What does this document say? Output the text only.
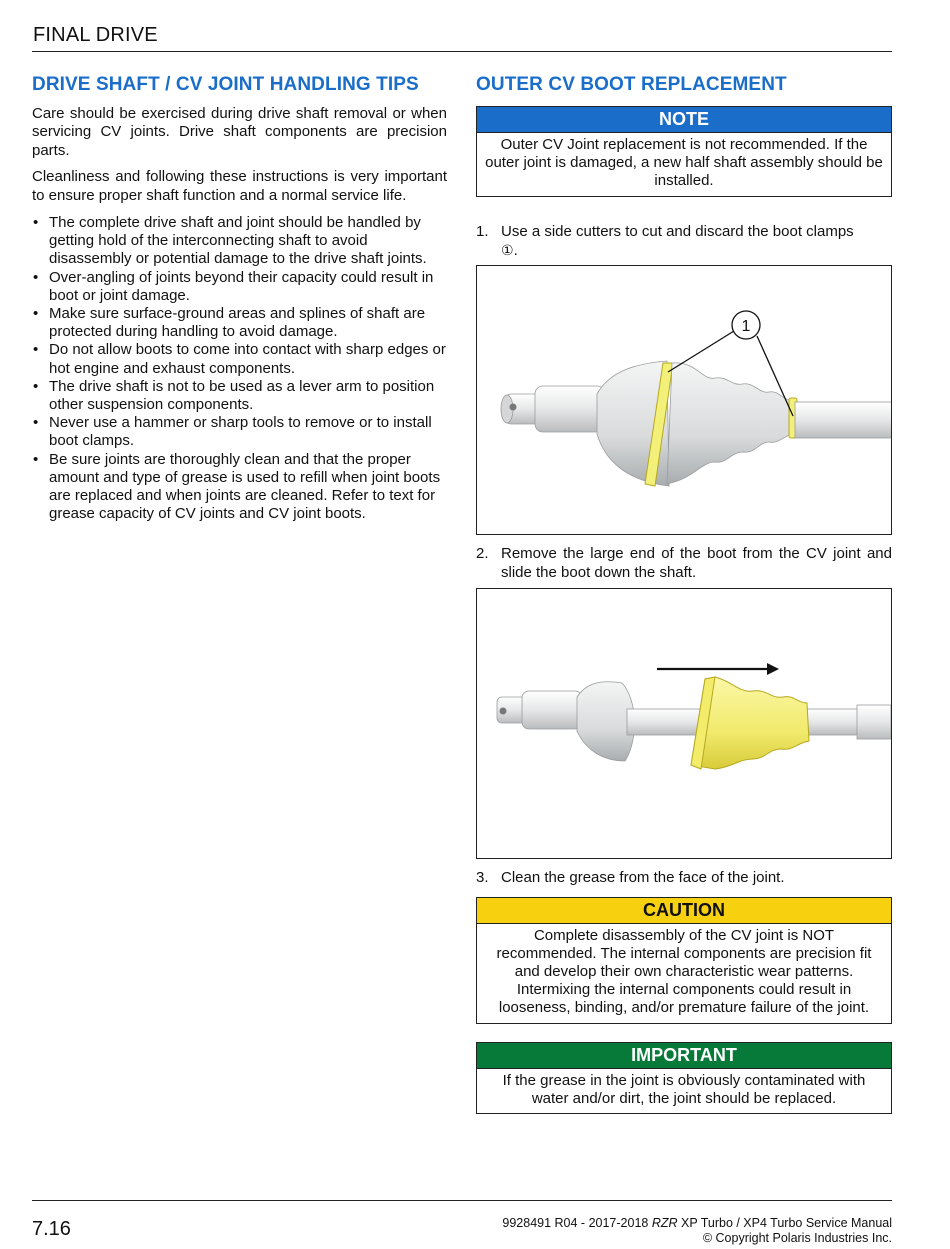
FINAL DRIVE
DRIVE SHAFT / CV JOINT HANDLING TIPS

Care should be exercised during drive shaft removal or when servicing CV joints. Drive shaft components are precision parts.

Cleanliness and following these instructions is very important to ensure proper shaft function and a normal service life.

• The complete drive shaft and joint should be handled by getting hold of the interconnecting shaft to avoid disassembly or potential damage to the drive shaft joints.
• Over-angling of joints beyond their capacity could result in boot or joint damage.
• Make sure surface-ground areas and splines of shaft are protected during handling to avoid damage.
• Do not allow boots to come into contact with sharp edges or hot engine and exhaust components.
• The drive shaft is not to be used as a lever arm to position other suspension components.
• Never use a hammer or sharp tools to remove or to install boot clamps.
• Be sure joints are thoroughly clean and that the proper amount and type of grease is used to refill when joint boots are replaced and when joints are cleaned. Refer to text for grease capacity of CV joints and CV joint boots.
OUTER CV BOOT REPLACEMENT
NOTE
Outer CV Joint replacement is not recommended. If the outer joint is damaged, a new half shaft assembly should be installed.
1. Use a side cutters to cut and discard the boot clamps
①.
1
2. Remove the large end of the boot from the CV joint and slide the boot down the shaft.
3. Clean the grease from the face of the joint.
CAUTION
Complete disassembly of the CV joint is NOT recommended. The internal components are precision fit and develop their own characteristic wear patterns. Intermixing the internal components could result in looseness, binding, and/or premature failure of the joint.
IMPORTANT
If the grease in the joint is obviously contaminated with water and/or dirt, the joint should be replaced.
7.16	9928491 R04 - 2017-2018 RZR XP Turbo / XP4 Turbo Service Manual
© Copyright Polaris Industries Inc.
